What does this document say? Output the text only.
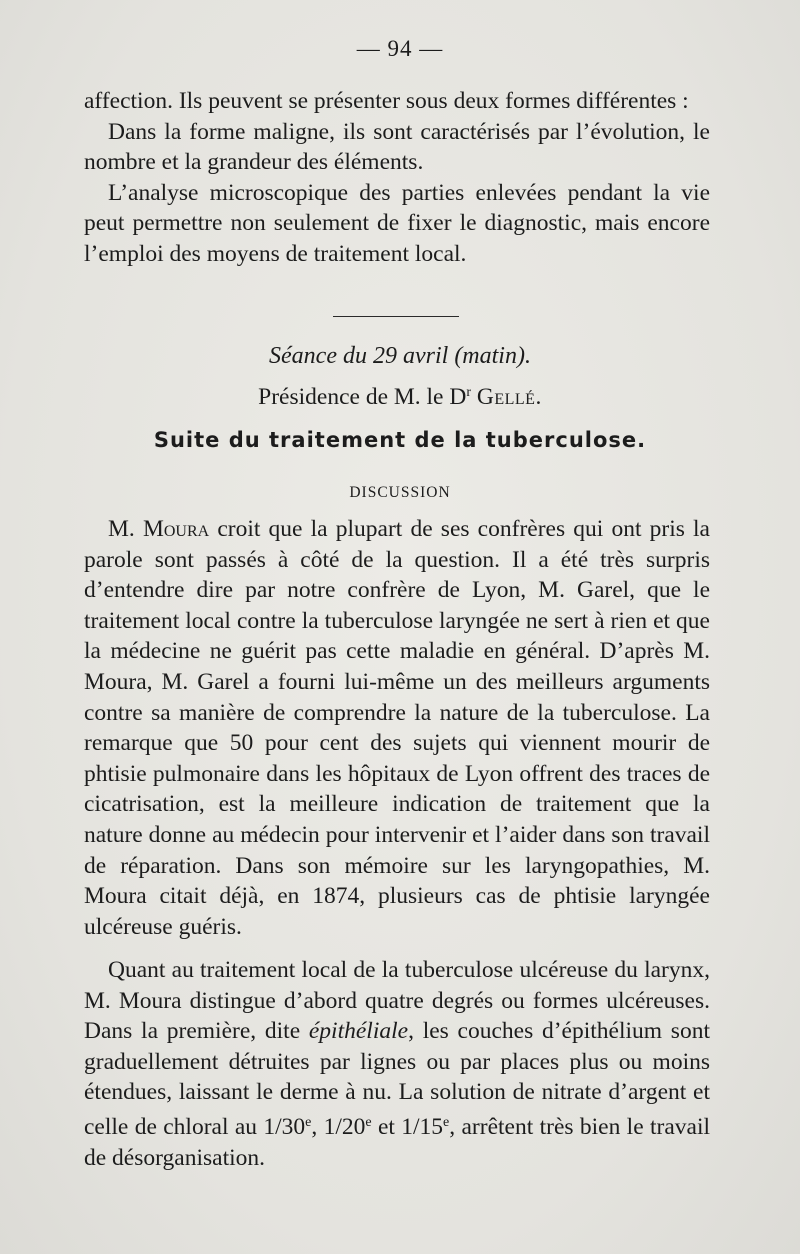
— 94 —

affection. Ils peuvent se présenter sous deux formes différentes :

Dans la forme maligne, ils sont caractérisés par l’évolution, le nombre et la grandeur des éléments.

L’analyse microscopique des parties enlevées pendant la vie peut permettre non seulement de fixer le diagnostic, mais encore l’emploi des moyens de traitement local.

Séance du 29 avril (matin).
Présidence de M. le $D^r$ Gellé.
Suite du traitement de la tuberculose.
DISCUSSION

M. Moura croit que la plupart de ses confrères qui ont pris la parole sont passés à côté de la question. Il a été très surpris d’entendre dire par notre confrère de Lyon, M. Garel, que le traitement local contre la tuberculose laryngée ne sert à rien et que la médecine ne guérit pas cette maladie en général. D’après M. Moura, M. Garel a fourni lui-même un des meilleurs arguments contre sa manière de comprendre la nature de la tuberculose. La remarque que 50 pour cent des sujets qui viennent mourir de phtisie pulmonaire dans les hôpitaux de Lyon offrent des traces de cicatrisation, est la meilleure indication de traitement que la nature donne au médecin pour intervenir et l’aider dans son travail de réparation. Dans son mémoire sur les laryngopathies, M. Moura citait déjà, en 1874, plusieurs cas de phtisie laryngée ulcéreuse guéris.

Quant au traitement local de la tuberculose ulcéreuse du larynx, M. Moura distingue d’abord quatre degrés ou formes ulcéreuses. Dans la première, dite épithéliale, les couches d’épithélium sont graduellement détruites par lignes ou par places plus ou moins étendues, laissant le derme à nu. La solution de nitrate d’argent et celle de chloral au 1/30e, 1/20e et 1/15e, arrêtent très bien le travail de désorganisation.
